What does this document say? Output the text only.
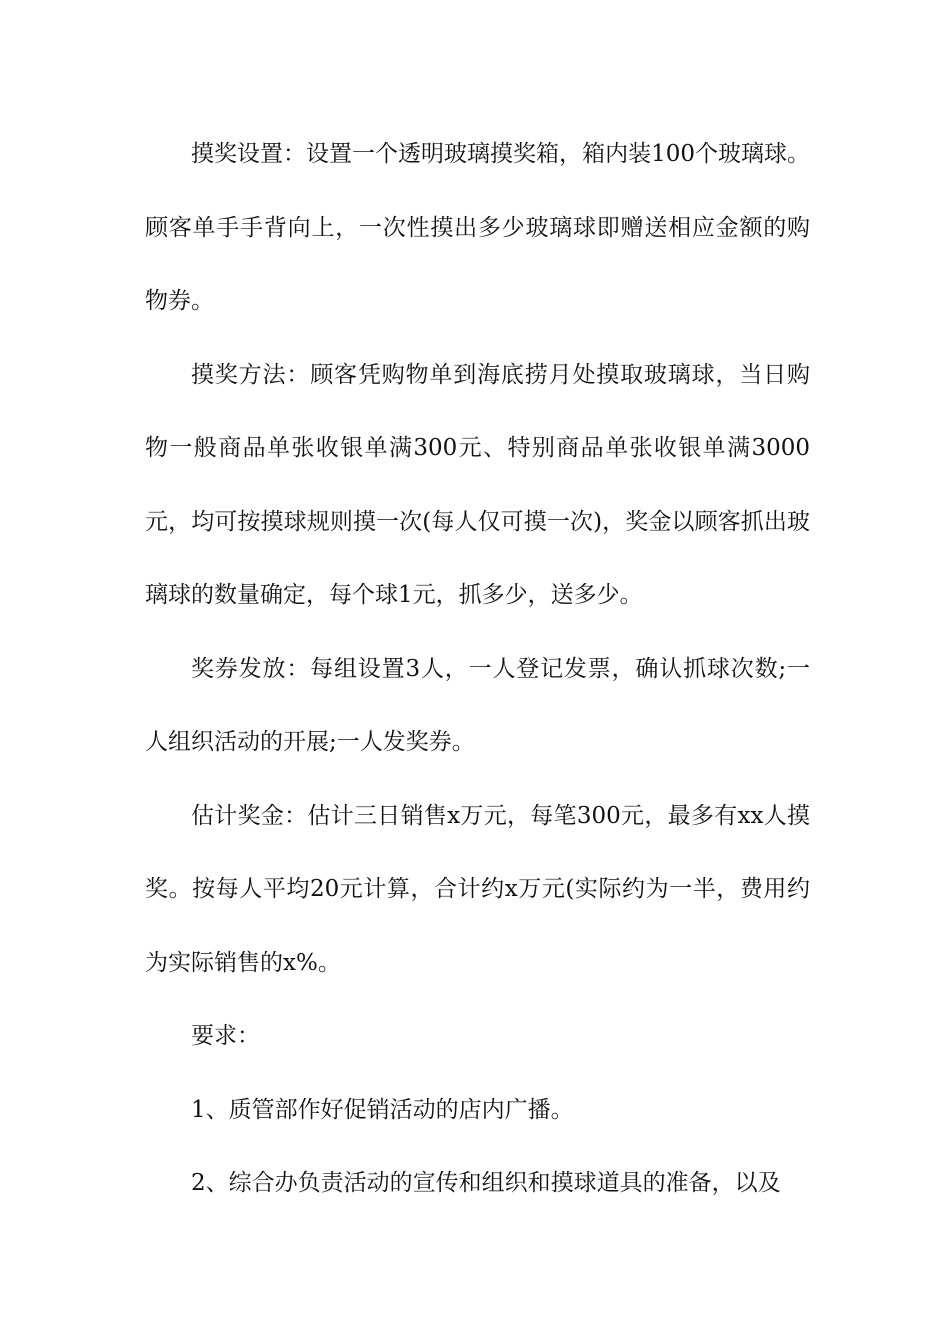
摸奖设置：设置一个透明玻璃摸奖箱，箱内装100个玻璃球。顾客单手手背向上，一次性摸出多少玻璃球即赠送相应金额的购物券。

摸奖方法：顾客凭购物单到海底捞月处摸取玻璃球，当日购物一般商品单张收银单满300元、特别商品单张收银单满3000元，均可按摸球规则摸一次(每人仅可摸一次)，奖金以顾客抓出玻璃球的数量确定，每个球1元，抓多少，送多少。

奖券发放：每组设置3人，一人登记发票，确认抓球次数;一人组织活动的开展;一人发奖券。

估计奖金：估计三日销售x万元，每笔300元，最多有xx人摸奖。按每人平均20元计算，合计约x万元(实际约为一半，费用约为实际销售的x%。

要求：

1、质管部作好促销活动的店内广播。

2、综合办负责活动的宣传和组织和摸球道具的准备，以及
